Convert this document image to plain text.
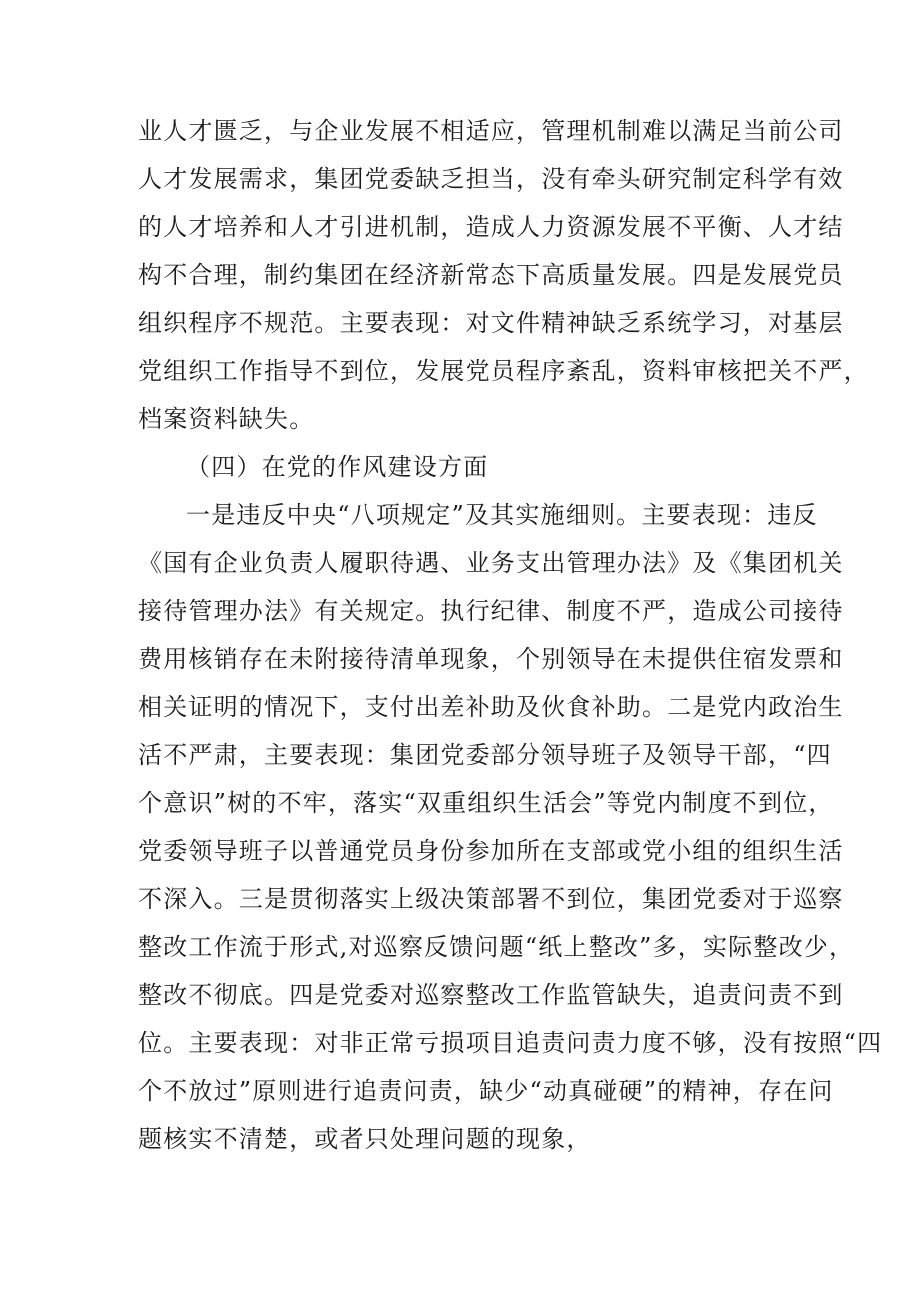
业人才匮乏，与企业发展不相适应，管理机制难以满足当前公司
人才发展需求，集团党委缺乏担当，没有牵头研究制定科学有效
的人才培养和人才引进机制，造成人力资源发展不平衡、人才结
构不合理，制约集团在经济新常态下高质量发展。四是发展党员
组织程序不规范。主要表现：对文件精神缺乏系统学习，对基层
党组织工作指导不到位，发展党员程序紊乱，资料审核把关不严，
档案资料缺失。
（四）在党的作风建设方面
一是违反中央“八项规定”及其实施细则。主要表现：违反
《国有企业负责人履职待遇、业务支出管理办法》及《集团机关
接待管理办法》有关规定。执行纪律、制度不严，造成公司接待
费用核销存在未附接待清单现象，个别领导在未提供住宿发票和
相关证明的情况下，支付出差补助及伙食补助。二是党内政治生
活不严肃，主要表现：集团党委部分领导班子及领导干部，“四
个意识”树的不牢，落实“双重组织生活会”等党内制度不到位，
党委领导班子以普通党员身份参加所在支部或党小组的组织生活
不深入。三是贯彻落实上级决策部署不到位，集团党委对于巡察
整改工作流于形式,对巡察反馈问题“纸上整改”多，实际整改少，
整改不彻底。四是党委对巡察整改工作监管缺失，追责问责不到
位。主要表现：对非正常亏损项目追责问责力度不够，没有按照“四
个不放过”原则进行追责问责，缺少“动真碰硬”的精神，存在问
题核实不清楚，或者只处理问题的现象，
